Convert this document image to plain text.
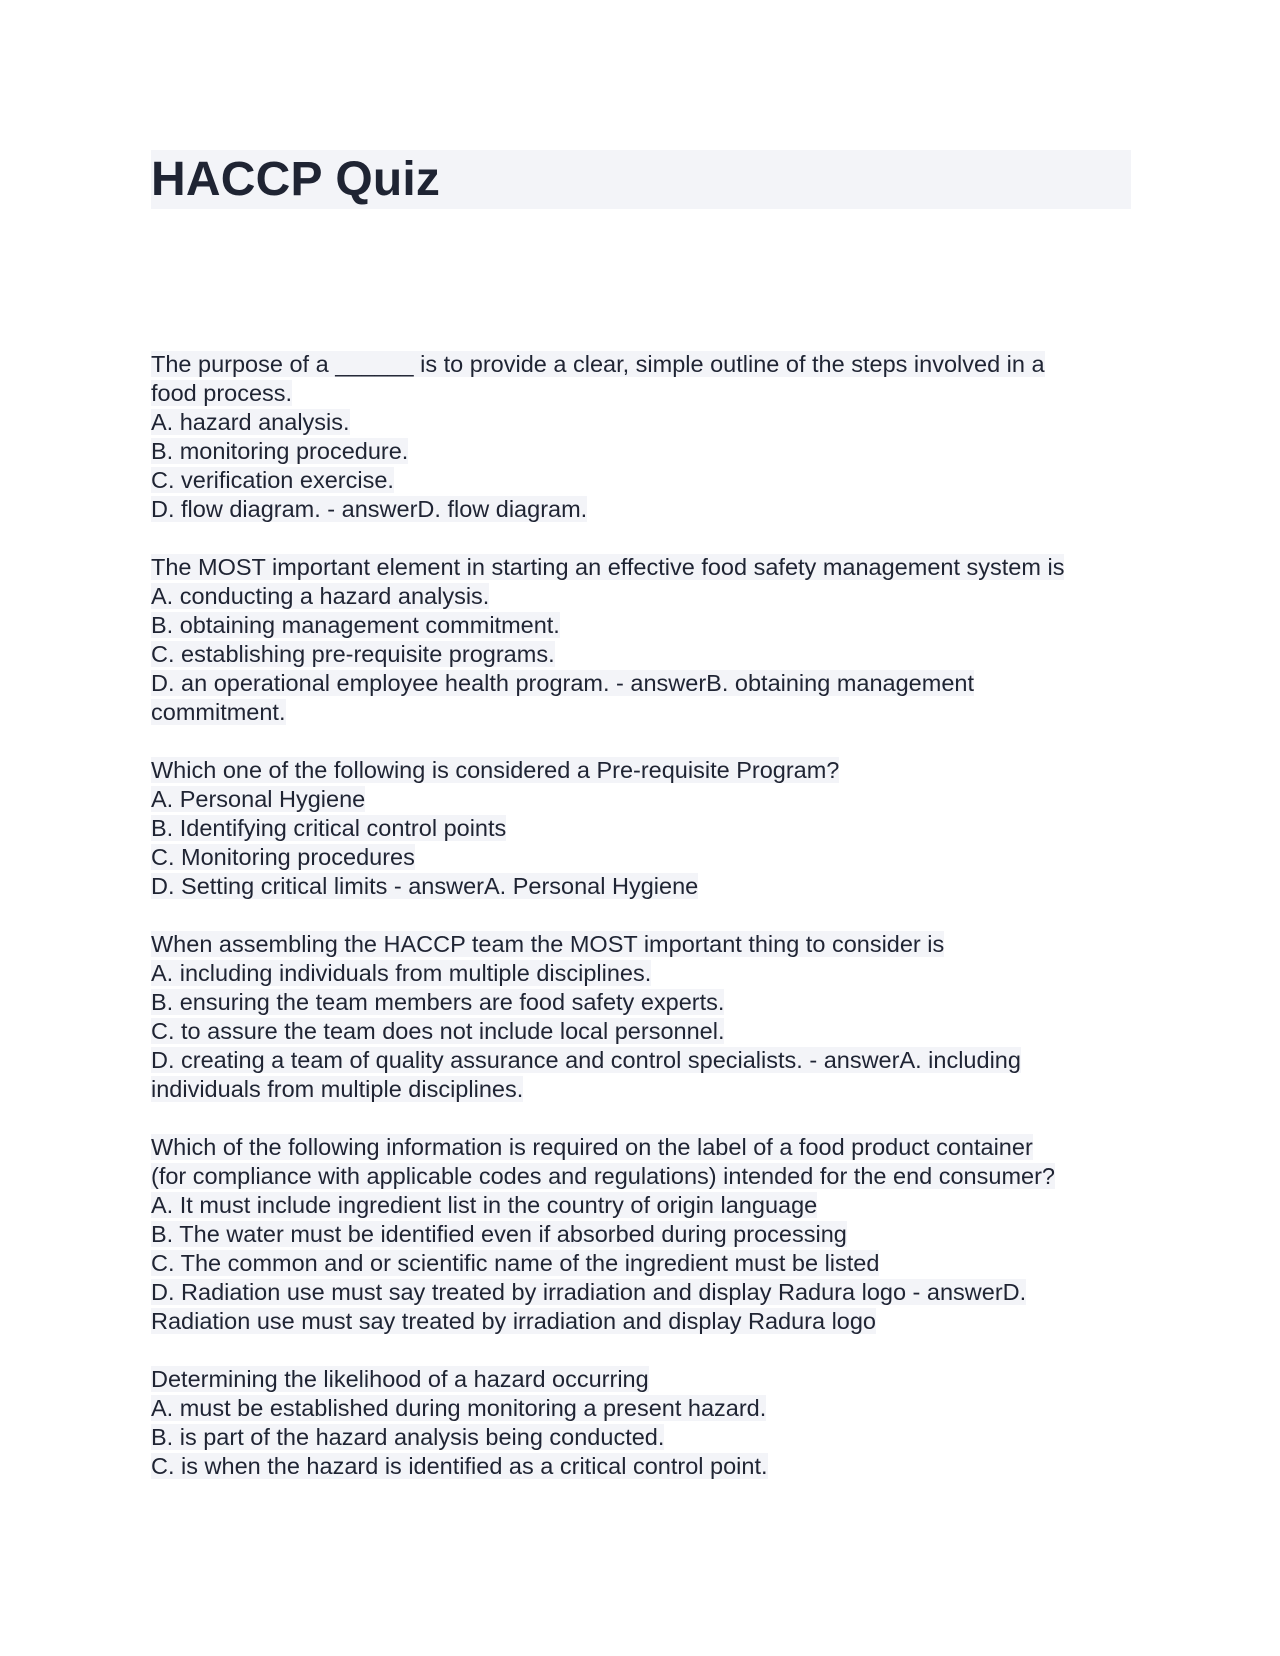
HACCP Quiz
The purpose of a ______ is to provide a clear, simple outline of the steps involved in a
food process.
A. hazard analysis.
B. monitoring procedure.
C. verification exercise.
D. flow diagram. - answerD. flow diagram.
The MOST important element in starting an effective food safety management system is
A. conducting a hazard analysis.
B. obtaining management commitment.
C. establishing pre-requisite programs.
D. an operational employee health program. - answerB. obtaining management
commitment.
Which one of the following is considered a Pre-requisite Program?
A. Personal Hygiene
B. Identifying critical control points
C. Monitoring procedures
D. Setting critical limits - answerA. Personal Hygiene
When assembling the HACCP team the MOST important thing to consider is
A. including individuals from multiple disciplines.
B. ensuring the team members are food safety experts.
C. to assure the team does not include local personnel.
D. creating a team of quality assurance and control specialists. - answerA. including
individuals from multiple disciplines.
Which of the following information is required on the label of a food product container
(for compliance with applicable codes and regulations) intended for the end consumer?
A. It must include ingredient list in the country of origin language
B. The water must be identified even if absorbed during processing
C. The common and or scientific name of the ingredient must be listed
D. Radiation use must say treated by irradiation and display Radura logo - answerD.
Radiation use must say treated by irradiation and display Radura logo
Determining the likelihood of a hazard occurring
A. must be established during monitoring a present hazard.
B. is part of the hazard analysis being conducted.
C. is when the hazard is identified as a critical control point.
